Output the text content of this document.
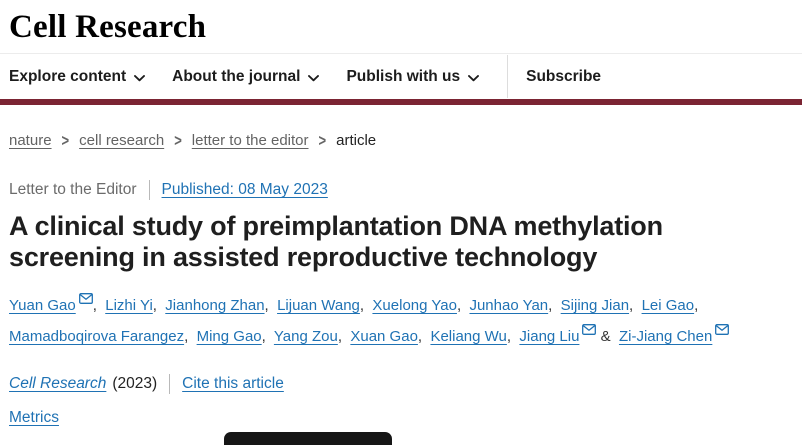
Cell Research
Explore content	About the journal	Publish with us	Subscribe
nature > cell research > letter to the editor > article
Letter to the Editor Published: 08 May 2023
A clinical study of preimplantation DNA methylation screening in assisted reproductive technology

Yuan Gao ,  Lizhi Yi,  Jianhong Zhan,  Lijuan Wang,  Xuelong Yao,  Junhao Yan,  Sijing Jian,  Lei Gao,  Mamadboqirova Farangez,  Ming Gao,  Yang Zou,  Xuan Gao,  Keliang Wu,  Jiang Liu &  Zi-Jiang Chen

Cell Research (2023) Cite this article
Metrics
